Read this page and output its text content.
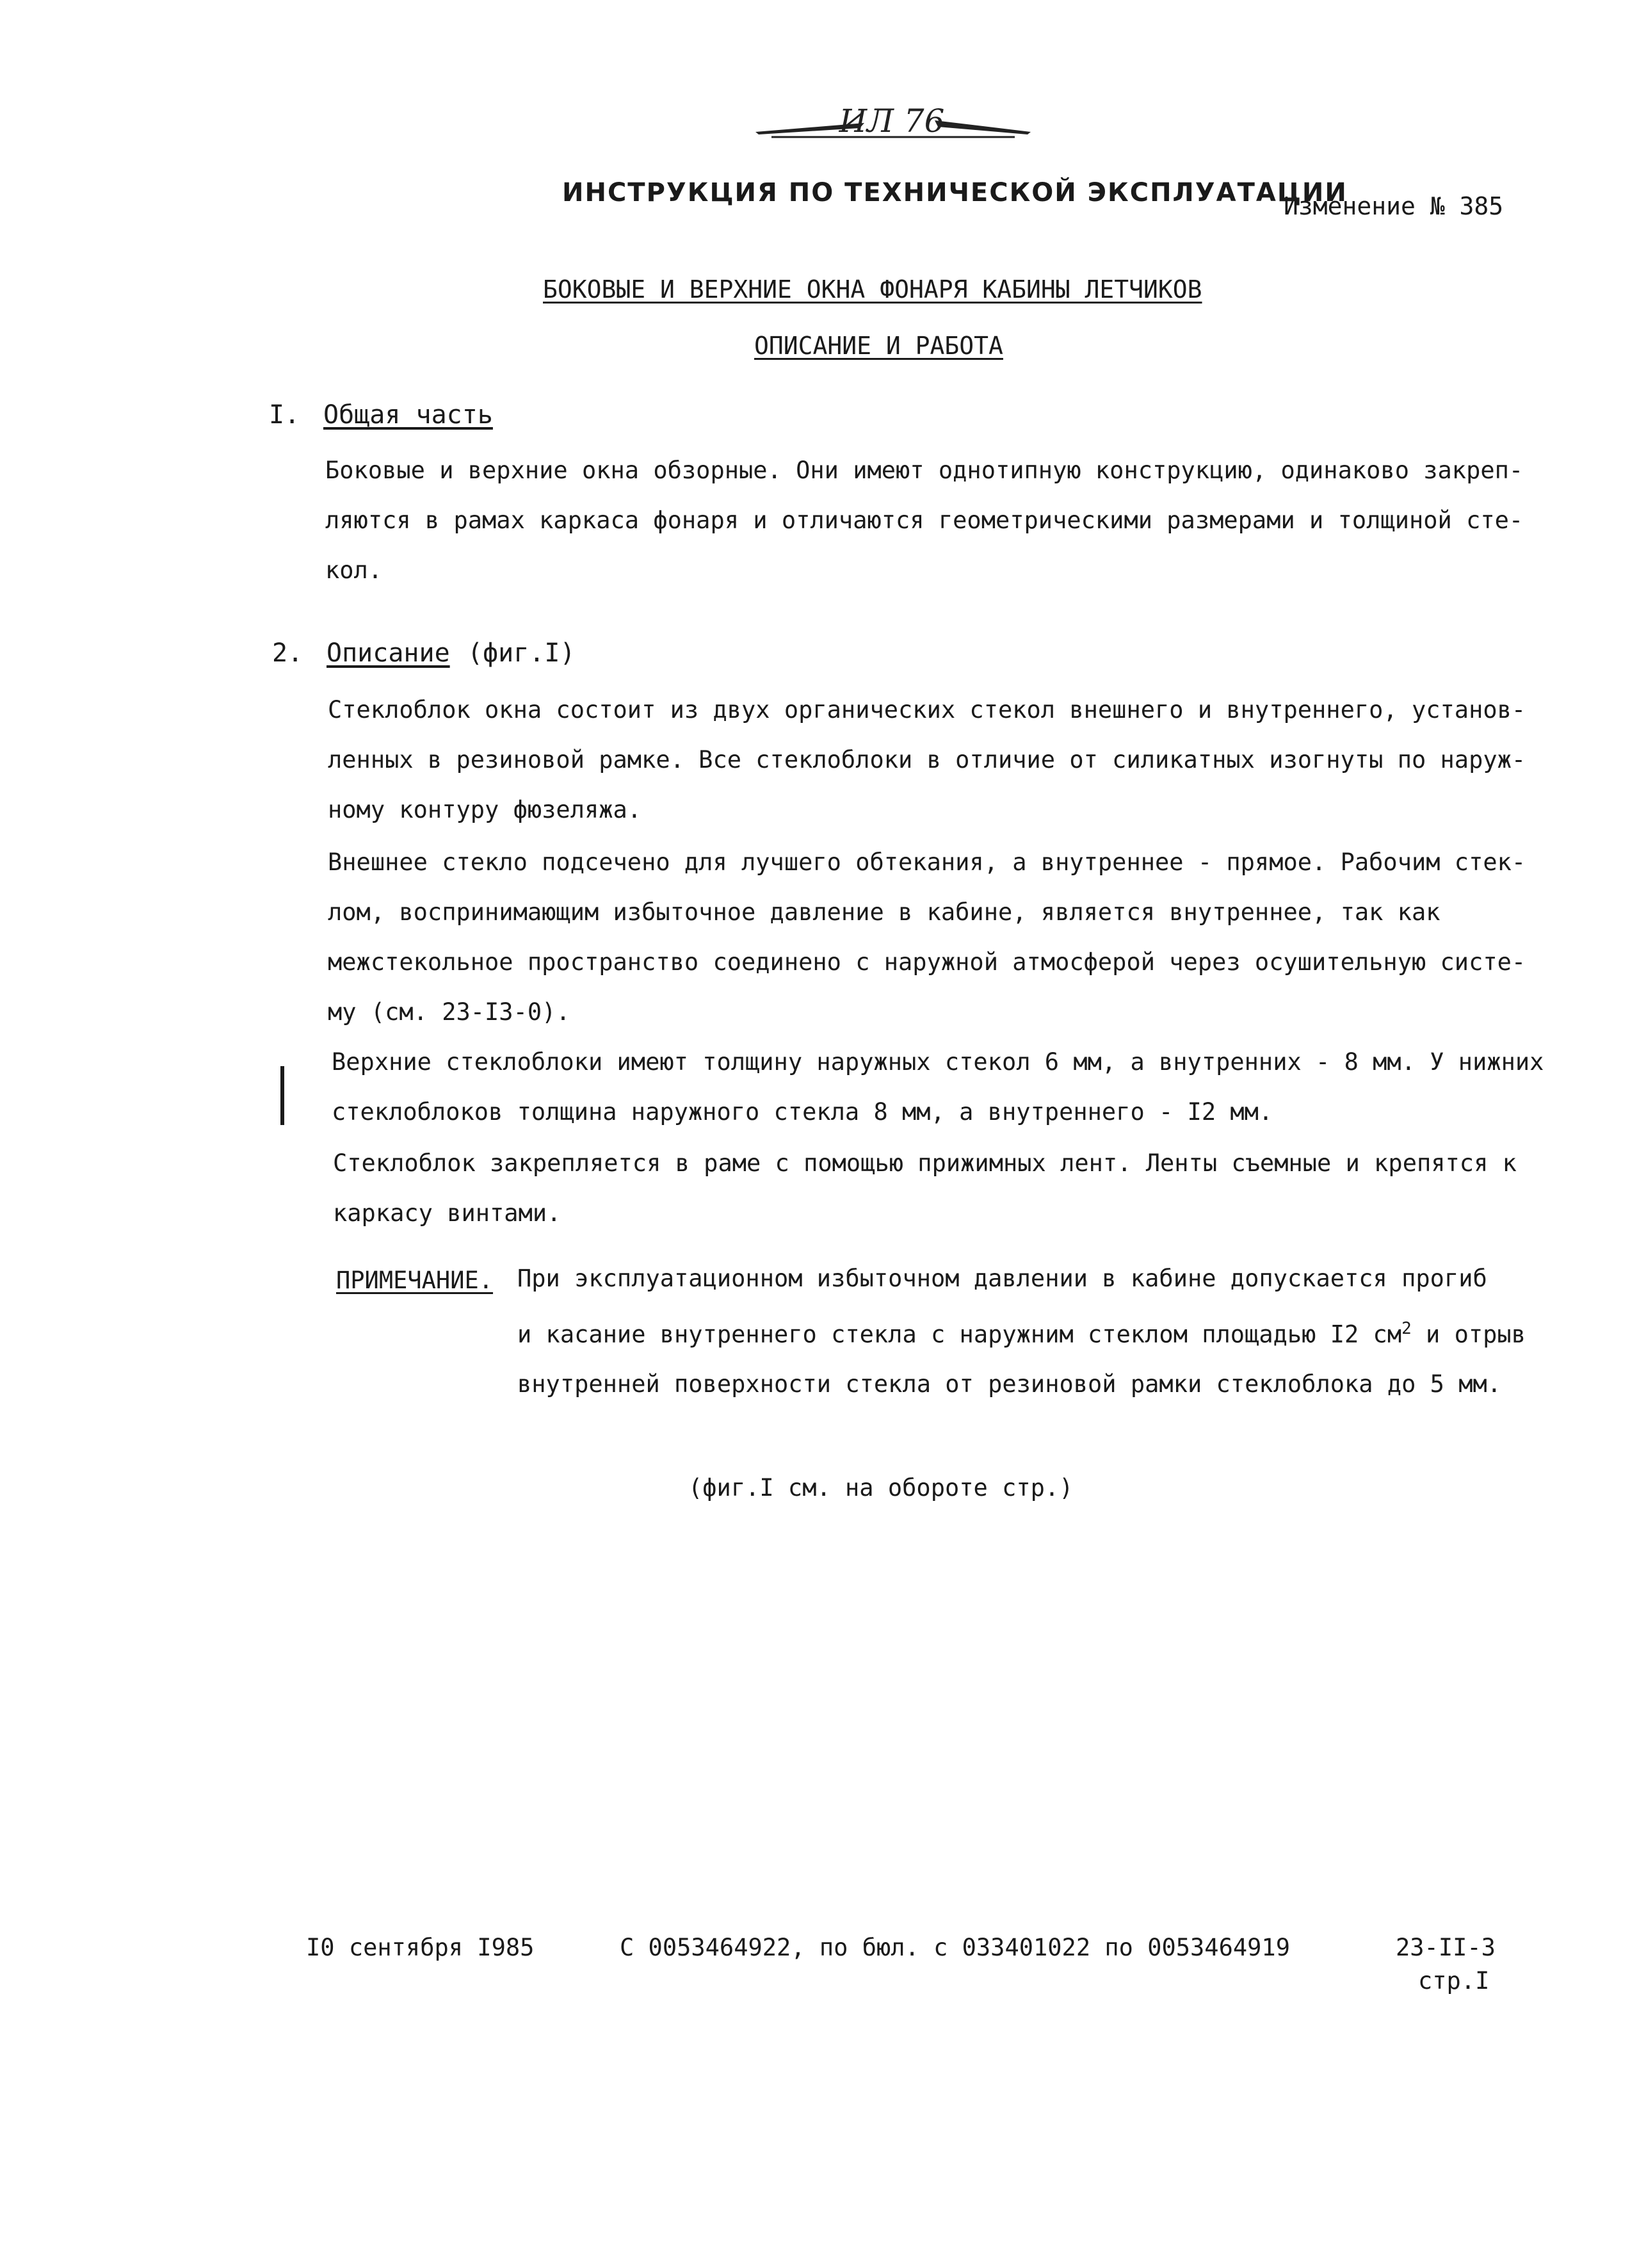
ИЛ 76
ИНСТРУКЦИЯ ПО ТЕХНИЧЕСКОЙ ЭКСПЛУАТАЦИИ
Изменение № 385
БОКОВЫЕ И ВЕРХНИЕ ОКНА ФОНАРЯ КАБИНЫ ЛЕТЧИКОВ
ОПИСАНИЕ И РАБОТА
I. Общая часть
Боковые и верхние окна обзорные. Они имеют однотипную конструкцию, одинаково закреп-
ляются в рамах каркаса фонаря и отличаются геометрическими размерами и толщиной сте-
кол.
2. Описание (фиг.I)
Стеклоблок окна состоит из двух органических стекол внешнего и внутреннего, установ-
ленных в резиновой рамке. Все стеклоблоки в отличие от силикатных изогнуты по наруж-
ному контуру фюзеляжа.
Внешнее стекло подсечено для лучшего обтекания, а внутреннее - прямое. Рабочим стек-
лом, воспринимающим избыточное давление в кабине, является внутреннее, так как
межстекольное пространство соединено с наружной атмосферой через осушительную систе-
му (см. 23-I3-0).
Верхние стеклоблоки имеют толщину наружных стекол 6 мм, а внутренних - 8 мм. У нижних
стеклоблоков толщина наружного стекла 8 мм, а внутреннего - I2 мм.
Стеклоблок закрепляется в раме с помощью прижимных лент. Ленты съемные и крепятся к
каркасу винтами.
ПРИМЕЧАНИЕ. При эксплуатационном избыточном давлении в кабине допускается прогиб
и касание внутреннего стекла с наружним стеклом площадью I2 $см^2$ и отрыв
внутренней поверхности стекла от резиновой рамки стеклоблока до 5 мм.
(фиг.I см. на обороте стр.)
I0 сентября I985	С 0053464922, по бюл. с 033401022 по 0053464919	23-II-3
стр.I
